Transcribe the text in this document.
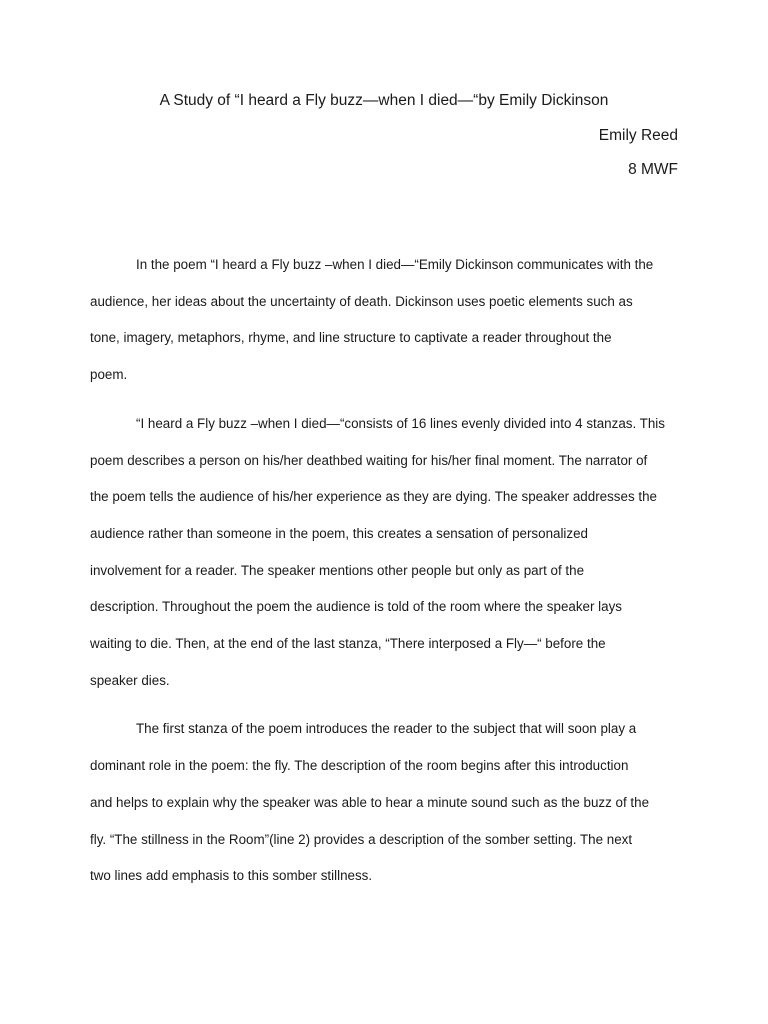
A Study of “I heard a Fly buzz—when I died—“by Emily Dickinson
Emily Reed
8 MWF
In the poem “I heard a Fly buzz –when I died—“Emily Dickinson communicates with the
audience, her ideas about the uncertainty of death. Dickinson uses poetic elements such as
tone, imagery, metaphors, rhyme, and line structure to captivate a reader throughout the
poem.
“I heard a Fly buzz –when I died—“consists of 16 lines evenly divided into 4 stanzas. This
poem describes a person on his/her deathbed waiting for his/her final moment. The narrator of
the poem tells the audience of his/her experience as they are dying. The speaker addresses the
audience rather than someone in the poem, this creates a sensation of personalized
involvement for a reader. The speaker mentions other people but only as part of the
description. Throughout the poem the audience is told of the room where the speaker lays
waiting to die. Then, at the end of the last stanza, “There interposed a Fly—“ before the
speaker dies.
The first stanza of the poem introduces the reader to the subject that will soon play a
dominant role in the poem: the fly. The description of the room begins after this introduction
and helps to explain why the speaker was able to hear a minute sound such as the buzz of the
fly. “The stillness in the Room”(line 2) provides a description of the somber setting. The next
two lines add emphasis to this somber stillness.
